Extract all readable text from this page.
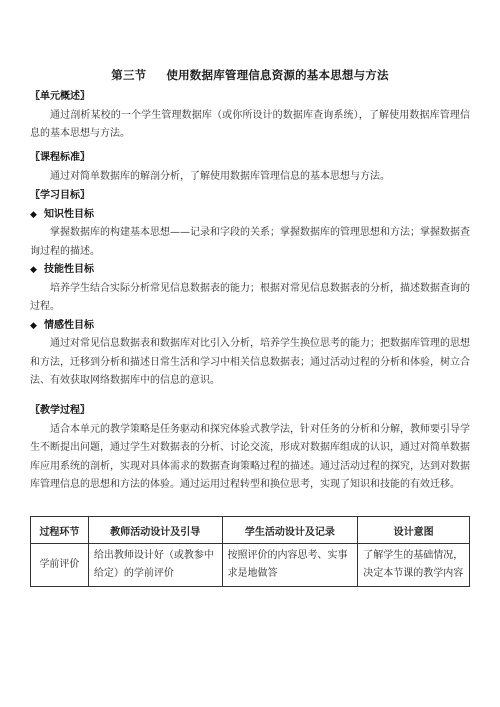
第三节 使用数据库管理信息资源的基本思想与方法
〖单元概述〗
通过剖析某校的一个学生管理数据库（或你所设计的数据库查询系统），了解使用数据库管理信息的基本思想与方法。
〖课程标准〗
通过对简单数据库的解剖分析，了解使用数据库管理信息的基本思想与方法。
〖学习目标〗
◆ 知识性目标
掌握数据库的构建基本思想——记录和字段的关系；掌握数据库的管理思想和方法；掌握数据查询过程的描述。
◆ 技能性目标
培养学生结合实际分析常见信息数据表的能力；根据对常见信息数据表的分析，描述数据查询的过程。
◆ 情感性目标
通过对常见信息数据表和数据库对比引入分析，培养学生换位思考的能力；把数据库管理的思想和方法，迁移到分析和描述日常生活和学习中相关信息数据表；通过活动过程的分析和体验，树立合法、有效获取网络数据库中的信息的意识。
〖教学过程〗
适合本单元的教学策略是任务驱动和探究体验式教学法，针对任务的分析和分解，教师要引导学生不断提出问题，通过学生对数据表的分析、讨论交流，形成对数据库组成的认识，通过对简单数据库应用系统的剖析，实现对具体需求的数据查询策略过程的描述。通过活动过程的探究，达到对数据库管理信息的思想和方法的体验。通过运用过程转型和换位思考，实现了知识和技能的有效迁移。
过程环节	教师活动设计及引导	学生活动设计及记录	设计意图
学前评价	给出教师设计好（或教参中给定）的学前评价	按照评价的内容思考、实事求是地做答	了解学生的基础情况，决定本节课的教学内容
